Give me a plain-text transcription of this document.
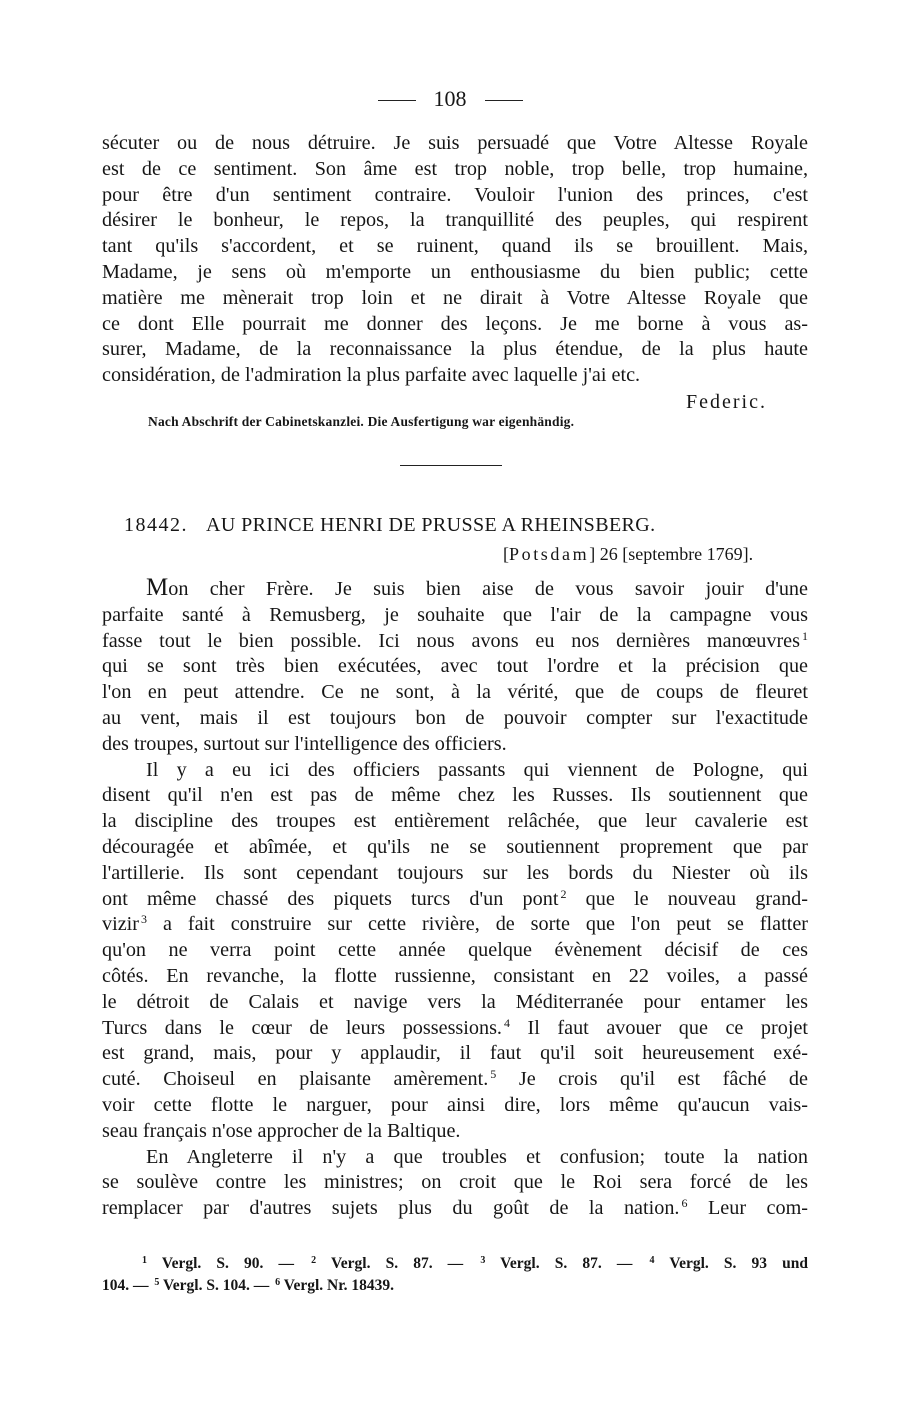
108
sécuter ou de nous détruire. Je suis persuadé que Votre Altesse Royale
est de ce sentiment. Son âme est trop noble, trop belle, trop humaine,
pour être d'un sentiment contraire. Vouloir l'union des princes, c'est
désirer le bonheur, le repos, la tranquillité des peuples, qui respirent
tant qu'ils s'accordent, et se ruinent, quand ils se brouillent. Mais,
Madame, je sens où m'emporte un enthousiasme du bien public; cette
matière me mènerait trop loin et ne dirait à Votre Altesse Royale que
ce dont Elle pourrait me donner des leçons. Je me borne à vous as-
surer, Madame, de la reconnaissance la plus étendue, de la plus haute
considération, de l'admiration la plus parfaite avec laquelle j'ai etc.
Federic.
Nach Abschrift der Cabinetskanzlei. Die Ausfertigung war eigenhändig.
18442. AU PRINCE HENRI DE PRUSSE A RHEINSBERG.
[Potsdam] 26 [septembre 1769].
Mon cher Frère. Je suis bien aise de vous savoir jouir d'une
parfaite santé à Remusberg, je souhaite que l'air de la campagne vous
fasse tout le bien possible. Ici nous avons eu nos dernières manœuvres $^1$
qui se sont très bien exécutées, avec tout l'ordre et la précision que
l'on en peut attendre. Ce ne sont, à la vérité, que de coups de fleuret
au vent, mais il est toujours bon de pouvoir compter sur l'exactitude
des troupes, surtout sur l'intelligence des officiers.
Il y a eu ici des officiers passants qui viennent de Pologne, qui
disent qu'il n'en est pas de même chez les Russes. Ils soutiennent que
la discipline des troupes est entièrement relâchée, que leur cavalerie est
découragée et abîmée, et qu'ils ne se soutiennent proprement que par
l'artillerie. Ils sont cependant toujours sur les bords du Niester où ils
ont même chassé des piquets turcs d'un pont $^2$ que le nouveau grand-
vizir $^3$ a fait construire sur cette rivière, de sorte que l'on peut se flatter
qu'on ne verra point cette année quelque évènement décisif de ces
côtés. En revanche, la flotte russienne, consistant en 22 voiles, a passé
le détroit de Calais et navige vers la Méditerranée pour entamer les
Turcs dans le cœur de leurs possessions. $^4$ Il faut avouer que ce projet
est grand, mais, pour y applaudir, il faut qu'il soit heureusement exé-
cuté. Choiseul en plaisante amèrement. $^5$ Je crois qu'il est fâché de
voir cette flotte le narguer, pour ainsi dire, lors même qu'aucun vais-
seau français n'ose approcher de la Baltique.
En Angleterre il n'y a que troubles et confusion; toute la nation
se soulève contre les ministres; on croit que le Roi sera forcé de les
remplacer par d'autres sujets plus du goût de la nation. $^6$ Leur com-
$^1$ Vergl. S. 90. — $^2$ Vergl. S. 87. — $^3$ Vergl. S. 87. — $^4$ Vergl. S. 93 und
104. — $^5$ Vergl. S. 104. — $^6$ Vergl. Nr. 18439.
